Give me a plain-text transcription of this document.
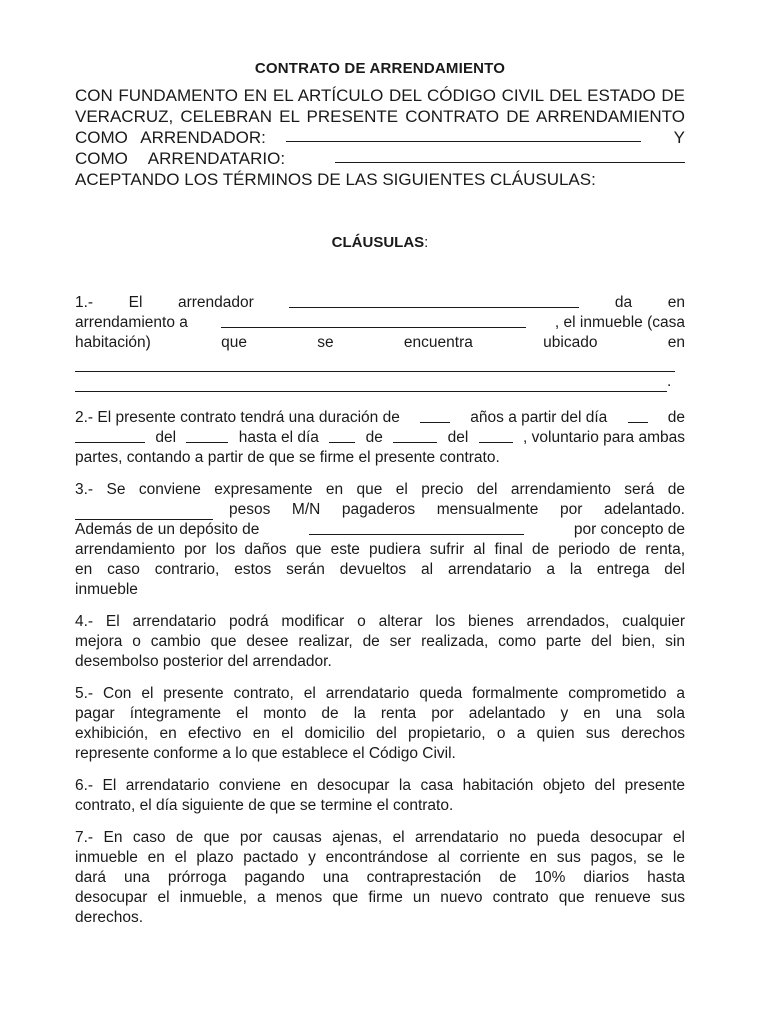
CONTRATO DE ARRENDAMIENTO
CON FUNDAMENTO EN EL ARTÍCULO DEL CÓDIGO CIVIL DEL ESTADO DE
VERACRUZ, CELEBRAN EL PRESENTE CONTRATO DE ARRENDAMIENTO
COMO ARRENDADOR:	Y
COMO ARRENDATARIO:
ACEPTANDO LOS TÉRMINOS DE LAS SIGUIENTES CLÁUSULAS:
CLÁUSULAS:
1.- El arrendador	da en
arrendamiento a	, el inmueble (casa
habitación)	que	se	encuentra	ubicado	en
.
2.- El presente contrato tendrá una duración de	años a partir del día	de
del	hasta el día	de	del	, voluntario para ambas
partes, contando a partir de que se firme el presente contrato.
3.- Se conviene expresamente en que el precio del arrendamiento será de
pesos M/N pagaderos mensualmente por adelantado.
Además de un depósito de	por concepto de
arrendamiento por los daños que este pudiera sufrir al final de periodo de renta,
en caso contrario, estos serán devueltos al arrendatario a la entrega del
inmueble
4.- El arrendatario podrá modificar o alterar los bienes arrendados, cualquier
mejora o cambio que desee realizar, de ser realizada, como parte del bien, sin
desembolso posterior del arrendador.
5.- Con el presente contrato, el arrendatario queda formalmente comprometido a
pagar íntegramente el monto de la renta por adelantado y en una sola
exhibición, en efectivo en el domicilio del propietario, o a quien sus derechos
represente conforme a lo que establece el Código Civil.
6.- El arrendatario conviene en desocupar la casa habitación objeto del presente
contrato, el día siguiente de que se termine el contrato.
7.- En caso de que por causas ajenas, el arrendatario no pueda desocupar el
inmueble en el plazo pactado y encontrándose al corriente en sus pagos, se le
dará una prórroga pagando una contraprestación de 10% diarios hasta
desocupar el inmueble, a menos que firme un nuevo contrato que renueve sus
derechos.
